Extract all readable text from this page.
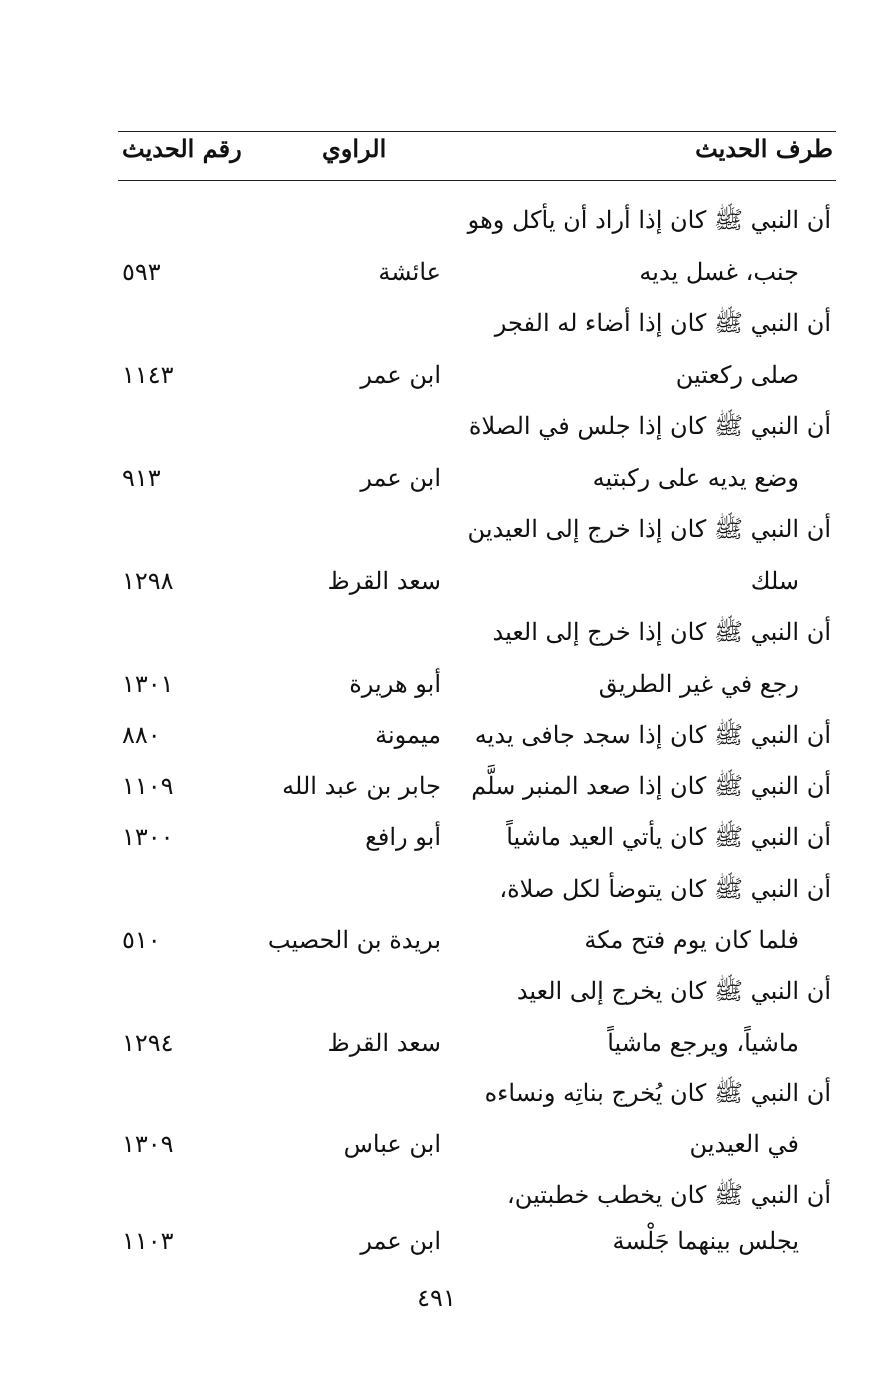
طرف الحديث
الراوي
رقم الحديث
أن النبي ﷺ كان إذا أراد أن يأكل وهو
جنب، غسل يديه
عائشة
٥٩٣
أن النبي ﷺ كان إذا أضاء له الفجر
صلى ركعتين
ابن عمر
١١٤٣
أن النبي ﷺ كان إذا جلس في الصلاة
وضع يديه على ركبتيه
ابن عمر
٩١٣
أن النبي ﷺ كان إذا خرج إلى العيدين
سلك
سعد القرظ
١٢٩٨
أن النبي ﷺ كان إذا خرج إلى العيد
رجع في غير الطريق
أبو هريرة
١٣٠١
أن النبي ﷺ كان إذا سجد جافى يديه
ميمونة
٨٨٠
أن النبي ﷺ كان إذا صعد المنبر سلَّم
جابر بن عبد الله
١١٠٩
أن النبي ﷺ كان يأتي العيد ماشياً
أبو رافع
١٣٠٠
أن النبي ﷺ كان يتوضأ لكل صلاة،
فلما كان يوم فتح مكة
بريدة بن الحصيب
٥١٠
أن النبي ﷺ كان يخرج إلى العيد
ماشياً، ويرجع ماشياً
سعد القرظ
١٢٩٤
أن النبي ﷺ كان يُخرج بناتِه ونساءه
في العيدين
ابن عباس
١٣٠٩
أن النبي ﷺ كان يخطب خطبتين،
يجلس بينهما جَلْسة
ابن عمر
١١٠٣
٤٩١
